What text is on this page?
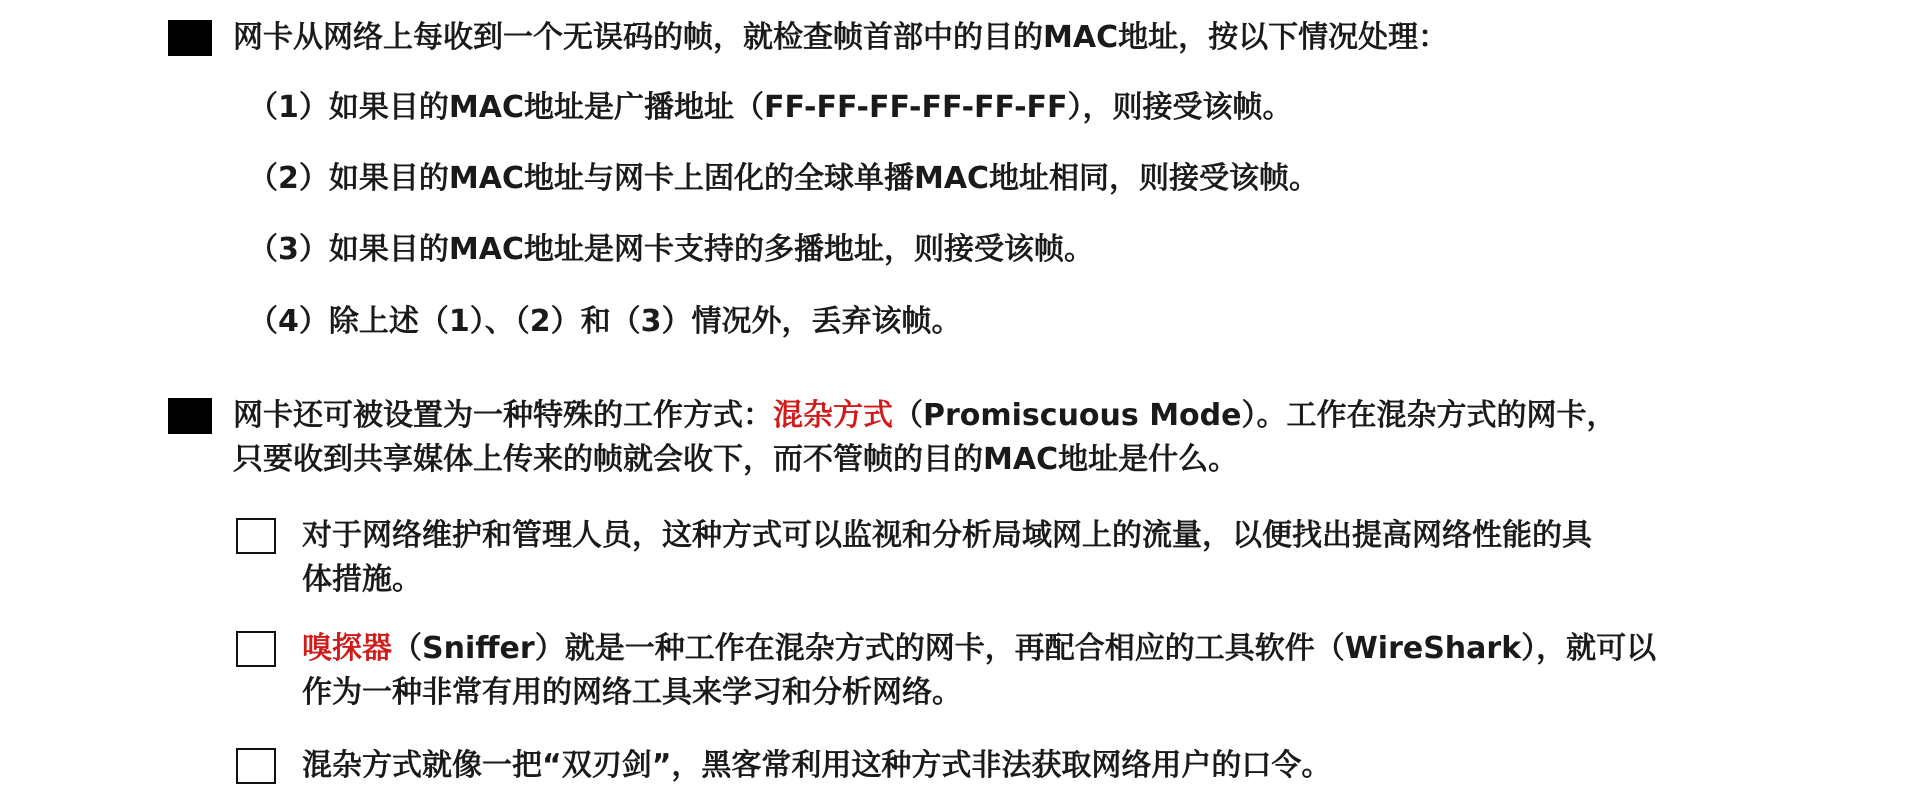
网卡从网络上每收到一个无误码的帧，就检查帧首部中的目的MAC地址，按以下情况处理：
（1）如果目的MAC地址是广播地址（FF-FF-FF-FF-FF-FF），则接受该帧。
（2）如果目的MAC地址与网卡上固化的全球单播MAC地址相同，则接受该帧。
（3）如果目的MAC地址是网卡支持的多播地址，则接受该帧。
（4）除上述（1）、（2）和（3）情况外，丢弃该帧。
网卡还可被设置为一种特殊的工作方式：混杂方式（Promiscuous Mode）。工作在混杂方式的网卡，
只要收到共享媒体上传来的帧就会收下，而不管帧的目的MAC地址是什么。
对于网络维护和管理人员，这种方式可以监视和分析局域网上的流量，以便找出提高网络性能的具
体措施。
嗅探器（Sniffer）就是一种工作在混杂方式的网卡，再配合相应的工具软件（WireShark），就可以
作为一种非常有用的网络工具来学习和分析网络。
混杂方式就像一把“双刃剑”，黑客常利用这种方式非法获取网络用户的口令。
